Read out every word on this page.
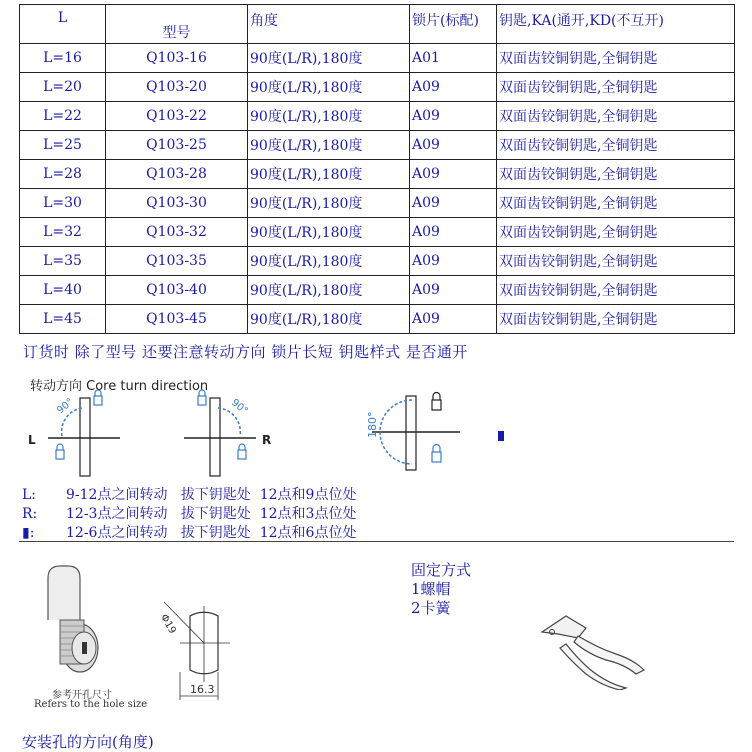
L	型号	角度	锁片(标配)	钥匙,KA(通开,KD(不互开)
L=16	Q103-16	90度(L/R),180度	A01	双面齿铰铜钥匙,全铜钥匙
L=20	Q103-20	90度(L/R),180度	A09	双面齿铰铜钥匙,全铜钥匙
L=22	Q103-22	90度(L/R),180度	A09	双面齿铰铜钥匙,全铜钥匙
L=25	Q103-25	90度(L/R),180度	A09	双面齿铰铜钥匙,全铜钥匙
L=28	Q103-28	90度(L/R),180度	A09	双面齿铰铜钥匙,全铜钥匙
L=30	Q103-30	90度(L/R),180度	A09	双面齿铰铜钥匙,全铜钥匙
L=32	Q103-32	90度(L/R),180度	A09	双面齿铰铜钥匙,全铜钥匙
L=35	Q103-35	90度(L/R),180度	A09	双面齿铰铜钥匙,全铜钥匙
L=40	Q103-40	90度(L/R),180度	A09	双面齿铰铜钥匙,全铜钥匙
L=45	Q103-45	90度(L/R),180度	A09	双面齿铰铜钥匙,全铜钥匙
订货时 除了型号 还要注意转动方向 锁片长短 钥匙样式 是否通开
转动方向 Core turn direction
L
90°	90°
R
180°
L: 9-12点之间转动 拔下钥匙处 12点和9点位处
R: 12-3点之间转动 拔下钥匙处 12点和3点位处
▮: 12-6点之间转动 拔下钥匙处 12点和6点位处
Φ19
16.3
参考开孔尺寸
Refers to the hole size
固定方式
1螺帽
2卡簧
安装孔的方向(角度)
